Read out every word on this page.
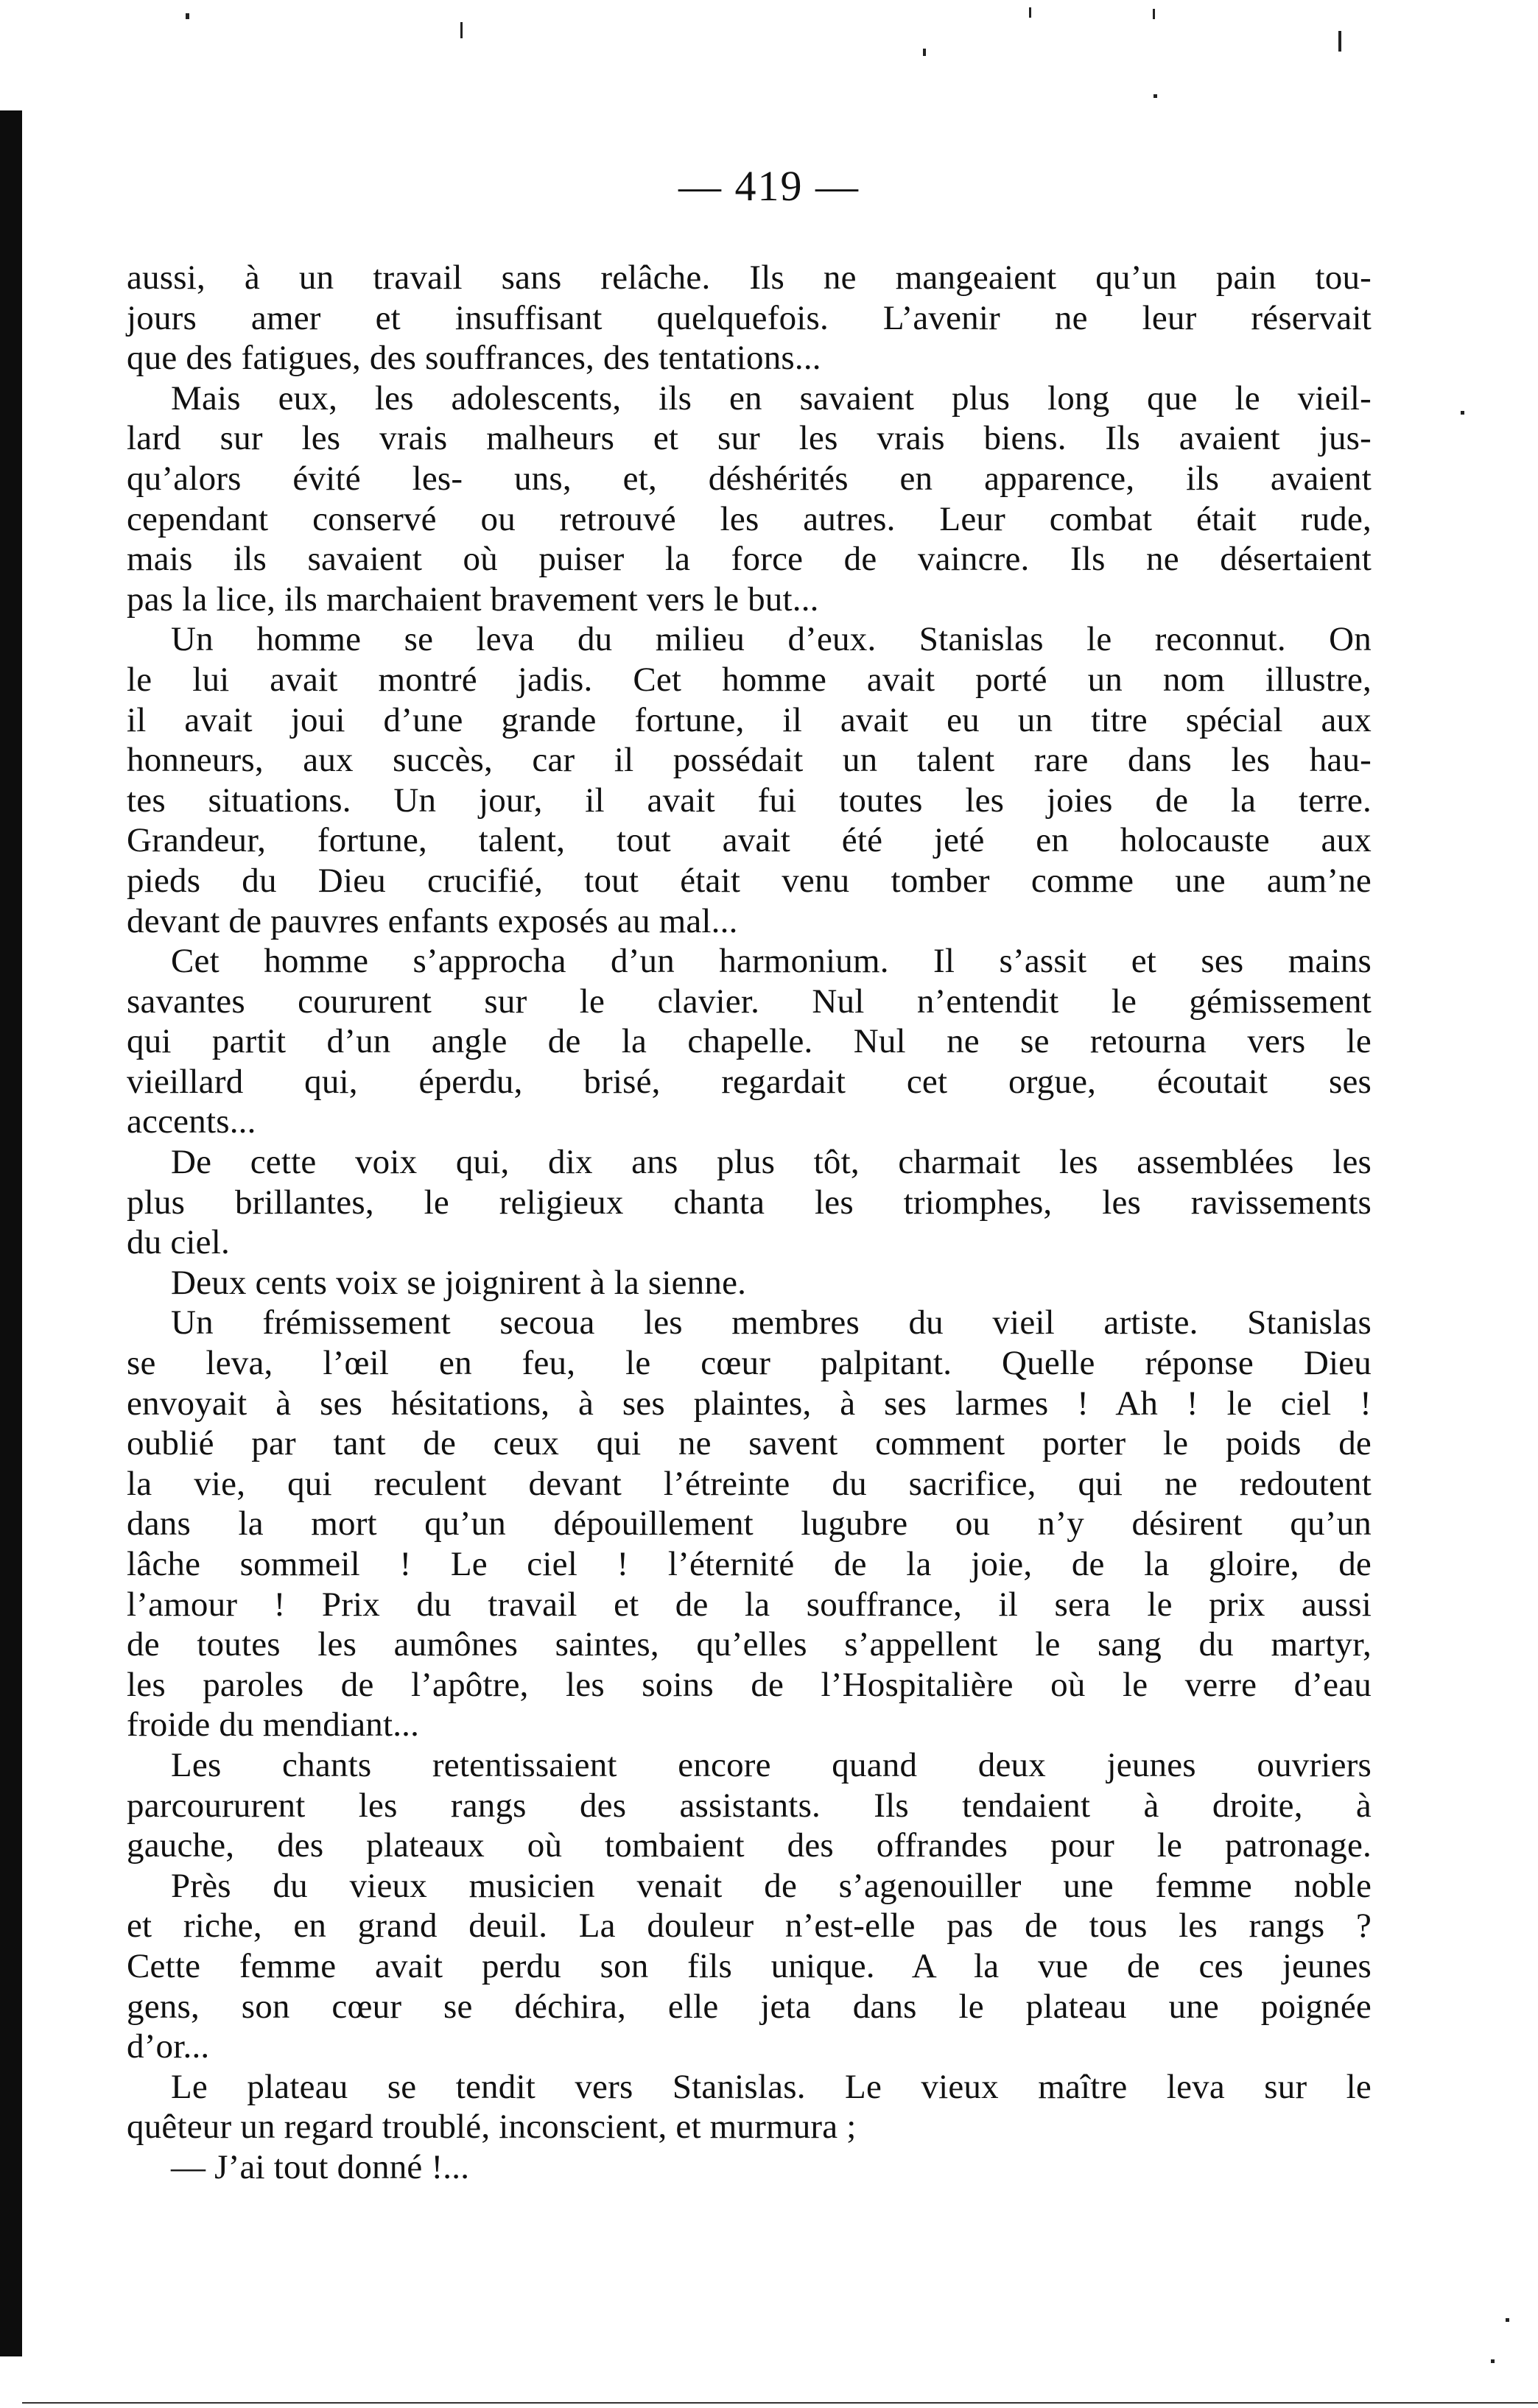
— 419 —
aussi, à un travail sans relâche. Ils ne mangeaient qu’un pain tou-
jours amer et insuffisant quelquefois. L’avenir ne leur réservait
que des fatigues, des souffrances, des tentations...
Mais eux, les adolescents, ils en savaient plus long que le vieil-
lard sur les vrais malheurs et sur les vrais biens. Ils avaient jus-
qu’alors évité les- uns, et, déshérités en apparence, ils avaient
cependant conservé ou retrouvé les autres. Leur combat était rude,
mais ils savaient où puiser la force de vaincre. Ils ne désertaient
pas la lice, ils marchaient bravement vers le but...
Un homme se leva du milieu d’eux. Stanislas le reconnut. On
le lui avait montré jadis. Cet homme avait porté un nom illustre,
il avait joui d’une grande fortune, il avait eu un titre spécial aux
honneurs, aux succès, car il possédait un talent rare dans les hau-
tes situations. Un jour, il avait fui toutes les joies de la terre.
Grandeur, fortune, talent, tout avait été jeté en holocauste aux
pieds du Dieu crucifié, tout était venu tomber comme une aum’ne
devant de pauvres enfants exposés au mal...
Cet homme s’approcha d’un harmonium. Il s’assit et ses mains
savantes coururent sur le clavier. Nul n’entendit le gémissement
qui partit d’un angle de la chapelle. Nul ne se retourna vers le
vieillard qui, éperdu, brisé, regardait cet orgue, écoutait ses
accents...
De cette voix qui, dix ans plus tôt, charmait les assemblées les
plus brillantes, le religieux chanta les triomphes, les ravissements
du ciel.
Deux cents voix se joignirent à la sienne.
Un frémissement secoua les membres du vieil artiste. Stanislas
se leva, l’œil en feu, le cœur palpitant. Quelle réponse Dieu
envoyait à ses hésitations, à ses plaintes, à ses larmes ! Ah ! le ciel !
oublié par tant de ceux qui ne savent comment porter le poids de
la vie, qui reculent devant l’étreinte du sacrifice, qui ne redoutent
dans la mort qu’un dépouillement lugubre ou n’y désirent qu’un
lâche sommeil ! Le ciel ! l’éternité de la joie, de la gloire, de
l’amour ! Prix du travail et de la souffrance, il sera le prix aussi
de toutes les aumônes saintes, qu’elles s’appellent le sang du martyr,
les paroles de l’apôtre, les soins de l’Hospitalière où le verre d’eau
froide du mendiant...
Les chants retentissaient encore quand deux jeunes ouvriers
parcoururent les rangs des assistants. Ils tendaient à droite, à
gauche, des plateaux où tombaient des offrandes pour le patronage.
Près du vieux musicien venait de s’agenouiller une femme noble
et riche, en grand deuil. La douleur n’est-elle pas de tous les rangs ?
Cette femme avait perdu son fils unique. A la vue de ces jeunes
gens, son cœur se déchira, elle jeta dans le plateau une poignée
d’or...
Le plateau se tendit vers Stanislas. Le vieux maître leva sur le
quêteur un regard troublé, inconscient, et murmura ;
— J’ai tout donné !...
